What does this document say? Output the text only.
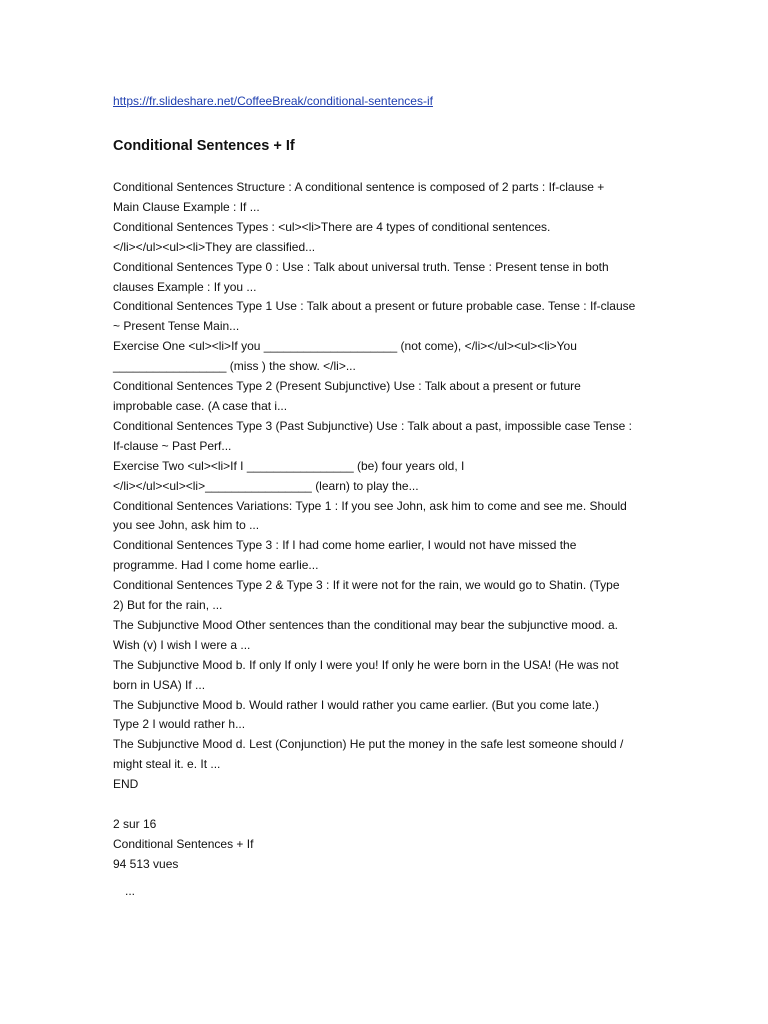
https://fr.slideshare.net/CoffeeBreak/conditional-sentences-if
Conditional Sentences + If
Conditional Sentences Structure : A conditional sentence is composed of 2 parts : If-clause +
Main Clause Example : If ...
Conditional Sentences Types : <ul><li>There are 4 types of conditional sentences.
</li></ul><ul><li>They are classified...
Conditional Sentences Type 0 : Use : Talk about universal truth. Tense : Present tense in both
clauses Example : If you ...
Conditional Sentences Type 1 Use : Talk about a present or future probable case. Tense : If-clause
~ Present Tense Main...
Exercise One <ul><li>If you ____________________ (not come), </li></ul><ul><li>You
_________________ (miss ) the show. </li>...
Conditional Sentences Type 2 (Present Subjunctive) Use : Talk about a present or future
improbable case. (A case that i...
Conditional Sentences Type 3 (Past Subjunctive) Use : Talk about a past, impossible case Tense :
If-clause ~ Past Perf...
Exercise Two <ul><li>If I ________________ (be) four years old, I
</li></ul><ul><li>________________ (learn) to play the...
Conditional Sentences Variations: Type 1 : If you see John, ask him to come and see me. Should
you see John, ask him to ...
Conditional Sentences Type 3 : If I had come home earlier, I would not have missed the
programme. Had I come home earlie...
Conditional Sentences Type 2 & Type 3 : If it were not for the rain, we would go to Shatin. (Type
2) But for the rain, ...
The Subjunctive Mood Other sentences than the conditional may bear the subjunctive mood. a.
Wish (v) I wish I were a ...
The Subjunctive Mood b. If only If only I were you! If only he were born in the USA! (He was not
born in USA) If ...
The Subjunctive Mood b. Would rather I would rather you came earlier. (But you come late.)
Type 2 I would rather h...
The Subjunctive Mood d. Lest (Conjunction) He put the money in the safe lest someone should /
might steal it. e. It ...
END
2 sur 16
Conditional Sentences + If
94 513 vues
...
